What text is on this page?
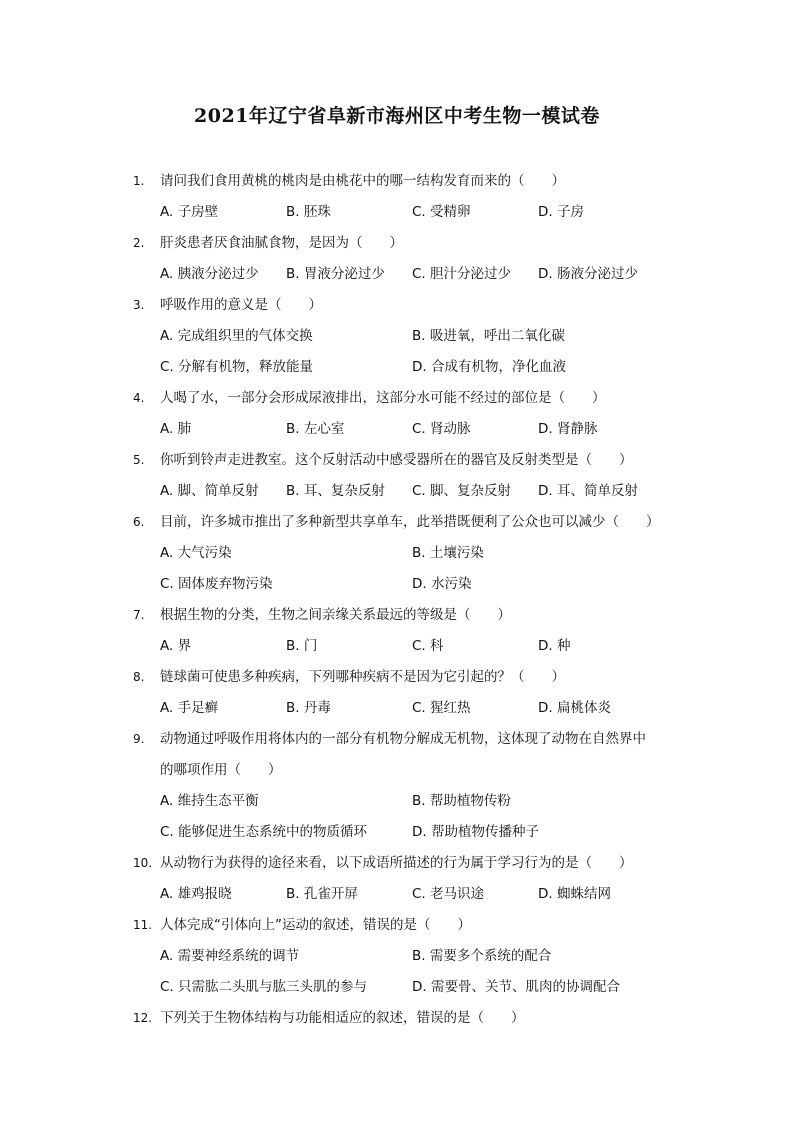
2021年辽宁省阜新市海州区中考生物一模试卷
1.	请问我们食用黄桃的桃肉是由桃花中的哪一结构发育而来的（　　）
A. 子房壁	B. 胚珠	C. 受精卵	D. 子房
2.	肝炎患者厌食油腻食物，是因为（　　）
A. 胰液分泌过少 B. 胃液分泌过少 C. 胆汁分泌过少 D. 肠液分泌过少
3.	呼吸作用的意义是（　　）
A. 完成组织里的气体交换	B. 吸进氧，呼出二氧化碳
C. 分解有机物，释放能量	D. 合成有机物，净化血液
4.	人喝了水，一部分会形成尿液排出，这部分水可能不经过的部位是（　　）
A. 肺	B. 左心室	C. 肾动脉	D. 肾静脉
5.	你听到铃声走进教室。这个反射活动中感受器所在的器官及反射类型是（　　）
A. 脚、简单反射 B. 耳、复杂反射 C. 脚、复杂反射 D. 耳、简单反射
6.	目前，许多城市推出了多种新型共享单车，此举措既便利了公众也可以减少（　　）
A. 大气污染	B. 土壤污染
C. 固体废弃物污染	D. 水污染
7.	根据生物的分类，生物之间亲缘关系最远的等级是（　　）
A. 界	B. 门	C. 科	D. 种
8.	链球菌可使患多种疾病，下列哪种疾病不是因为它引起的？（　　）
A. 手足癣	B. 丹毒	C. 猩红热	D. 扁桃体炎
9.	动物通过呼吸作用将体内的一部分有机物分解成无机物，这体现了动物在自然界中
的哪项作用（　　）
A. 维持生态平衡	B. 帮助植物传粉
C. 能够促进生态系统中的物质循环	D. 帮助植物传播种子
10. 从动物行为获得的途径来看，以下成语所描述的行为属于学习行为的是（　　）
A. 雄鸡报晓	B. 孔雀开屏	C. 老马识途	D. 蜘蛛结网
11. 人体完成“引体向上”运动的叙述，错误的是（　　）
A. 需要神经系统的调节	B. 需要多个系统的配合
C. 只需肱二头肌与肱三头肌的参与	D. 需要骨、关节、肌肉的协调配合
12. 下列关于生物体结构与功能相适应的叙述，错误的是（　　）
